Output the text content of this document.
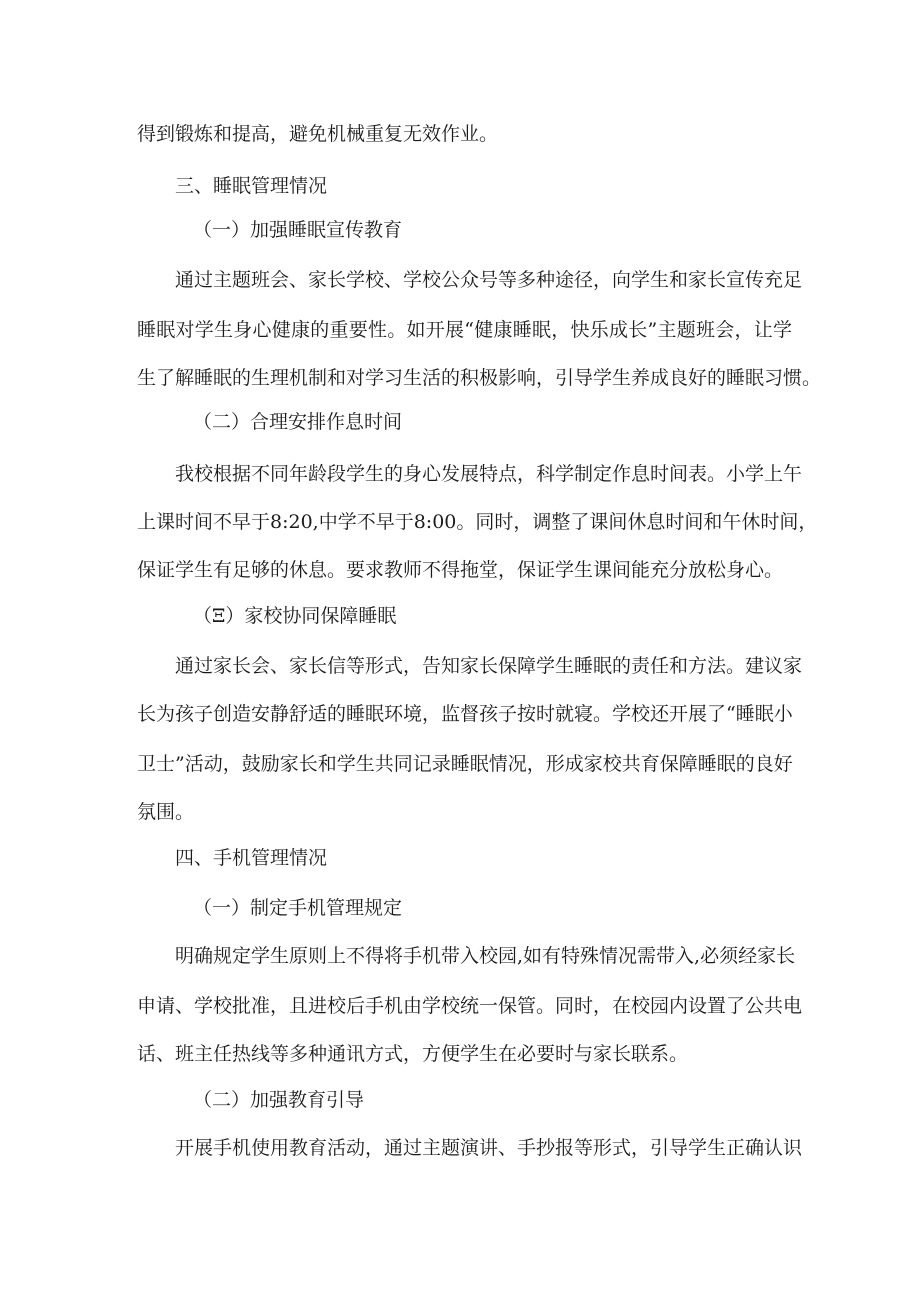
得到锻炼和提高，避免机械重复无效作业。

三、睡眠管理情况

（一）加强睡眠宣传教育

通过主题班会、家长学校、学校公众号等多种途径，向学生和家长宣传充足

睡眠对学生身心健康的重要性。如开展“健康睡眠，快乐成长”主题班会，让学

生了解睡眠的生理机制和对学习生活的积极影响，引导学生养成良好的睡眠习惯。

（二）合理安排作息时间

我校根据不同年龄段学生的身心发展特点，科学制定作息时间表。小学上午

上课时间不早于8:20,中学不早于8:00。同时，调整了课间休息时间和午休时间，

保证学生有足够的休息。要求教师不得拖堂，保证学生课间能充分放松身心。

（Ξ）家校协同保障睡眠

通过家长会、家长信等形式，告知家长保障学生睡眠的责任和方法。建议家

长为孩子创造安静舒适的睡眠环境，监督孩子按时就寝。学校还开展了“睡眠小

卫士”活动，鼓励家长和学生共同记录睡眠情况，形成家校共育保障睡眠的良好

氛围。

四、手机管理情况

（一）制定手机管理规定

明确规定学生原则上不得将手机带入校园,如有特殊情况需带入,必须经家长

申请、学校批准，且进校后手机由学校统一保管。同时，在校园内设置了公共电

话、班主任热线等多种通讯方式，方便学生在必要时与家长联系。

（二）加强教育引导

开展手机使用教育活动，通过主题演讲、手抄报等形式，引导学生正确认识
